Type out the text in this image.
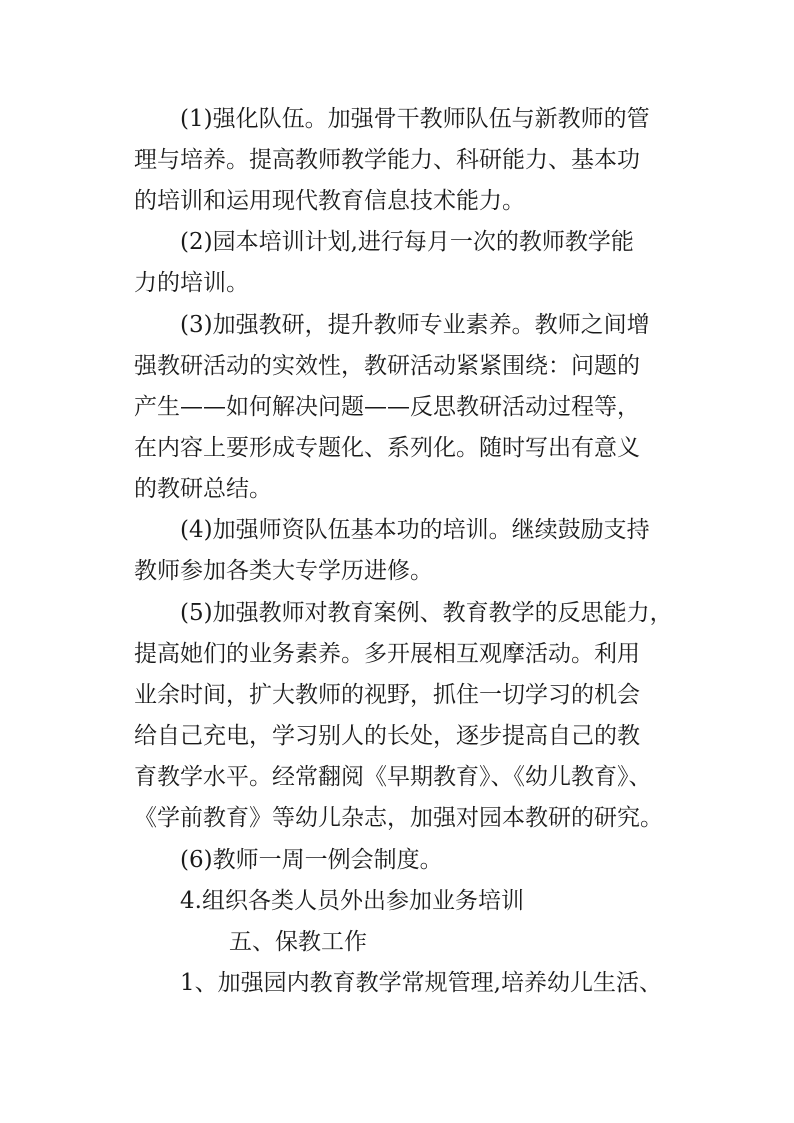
(1)强化队伍。加强骨干教师队伍与新教师的管
理与培养。提高教师教学能力、科研能力、基本功
的培训和运用现代教育信息技术能力。
(2)园本培训计划,进行每月一次的教师教学能
力的培训。
(3)加强教研，提升教师专业素养。教师之间增
强教研活动的实效性，教研活动紧紧围绕：问题的
产生——如何解决问题——反思教研活动过程等，
在内容上要形成专题化、系列化。随时写出有意义
的教研总结。
(4)加强师资队伍基本功的培训。继续鼓励支持
教师参加各类大专学历进修。
(5)加强教师对教育案例、教育教学的反思能力，
提高她们的业务素养。多开展相互观摩活动。利用
业余时间，扩大教师的视野，抓住一切学习的机会
给自己充电，学习别人的长处，逐步提高自己的教
育教学水平。经常翻阅《早期教育》、《幼儿教育》、
《学前教育》等幼儿杂志，加强对园本教研的研究。
(6)教师一周一例会制度。
4.组织各类人员外出参加业务培训
五、保教工作
1、加强园内教育教学常规管理,培养幼儿生活、
